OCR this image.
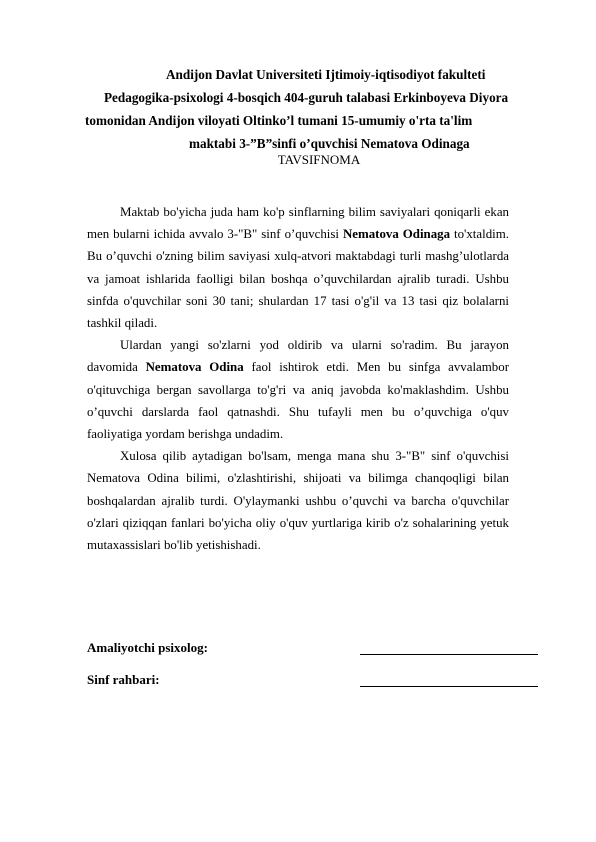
Andijon Davlat Universiteti Ijtimoiy-iqtisodiyot fakulteti
Pedagogika-psixologi 4-bosqich 404-guruh talabasi Erkinboyeva Diyora
tomonidan Andijon viloyati Oltinko’l tumani 15-umumiy o'rta ta'lim
maktabi 3-”B”sinfi o’quvchisi Nematova Odinaga
TAVSIFNOMA

Maktab bo'yicha juda ham ko'p sinflarning bilim saviyalari qoniqarli ekan men bularni ichida avvalo 3-"B" sinf o’quvchisi Nematova Odinaga to'xtaldim. Bu o’quvchi o'zning bilim saviyasi xulq-atvori maktabdagi turli mashg’ulotlarda va jamoat ishlarida faolligi bilan boshqa o’quvchilardan ajralib turadi. Ushbu sinfda o'quvchilar soni 30 tani; shulardan 17 tasi o'g'il va 13 tasi qiz bolalarni tashkil qiladi.

Ulardan yangi so'zlarni yod oldirib va ularni so'radim. Bu jarayon davomida Nematova Odina faol ishtirok etdi. Men bu sinfga avvalambor o'qituvchiga bergan savollarga to'g'ri va aniq javobda ko'maklashdim. Ushbu o’quvchi darslarda faol qatnashdi. Shu tufayli men bu o’quvchiga o'quv faoliyatiga yordam berishga undadim.

Xulosa qilib aytadigan bo'lsam, menga mana shu 3-"B" sinf o'quvchisi Nematova Odina bilimi, o'zlashtirishi, shijoati va bilimga chanqoqligi bilan boshqalardan ajralib turdi. O'ylaymanki ushbu o’quvchi va barcha o'quvchilar o'zlari qiziqqan fanlari bo'yicha oliy o'quv yurtlariga kirib o'z sohalarining yetuk mutaxassislari bo'lib yetishishadi.

Amaliyotchi psixolog:
Sinf rahbari:
